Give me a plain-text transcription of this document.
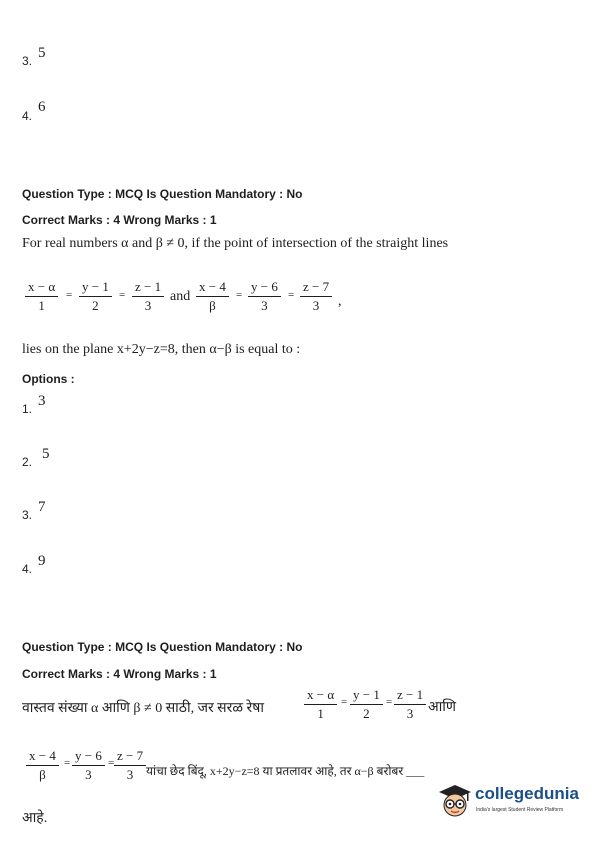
3. 5
4.
6
Question Type : MCQ Is Question Mandatory : No
Correct Marks : 4 Wrong Marks : 1
For real numbers α and β ≠ 0, if the point of intersection of the straight lines
$\frac{x - \alpha}{1} = \frac{y - 1}{2} = \frac{z - 1}{3}$ and $\frac{x - 4}{\beta} = \frac{y - 6}{3} = \frac{z - 7}{3}$ ,
lies on the plane x+2y−z=8, then α−β is equal to :
Options :
1. 3
2. 5
3. 7
4. 9
Question Type : MCQ Is Question Mandatory : No
Correct Marks : 4 Wrong Marks : 1
वास्तव संख्या α आणि β ≠ 0 साठी, जर सरळ रेषा	$\frac{x - \alpha}{1} = \frac{y - 1}{2} = \frac{z - 1}{3}$ आणि
$\frac{x - 4}{\beta} = \frac{y - 6}{3} = \frac{z - 7}{3}$ यांचा छेद बिंदू, x+2y−z=8 या प्रतलावर आहे, तर α−β बरोबर ___
आहे.
collegedunia
India's largest Student Review Platform
